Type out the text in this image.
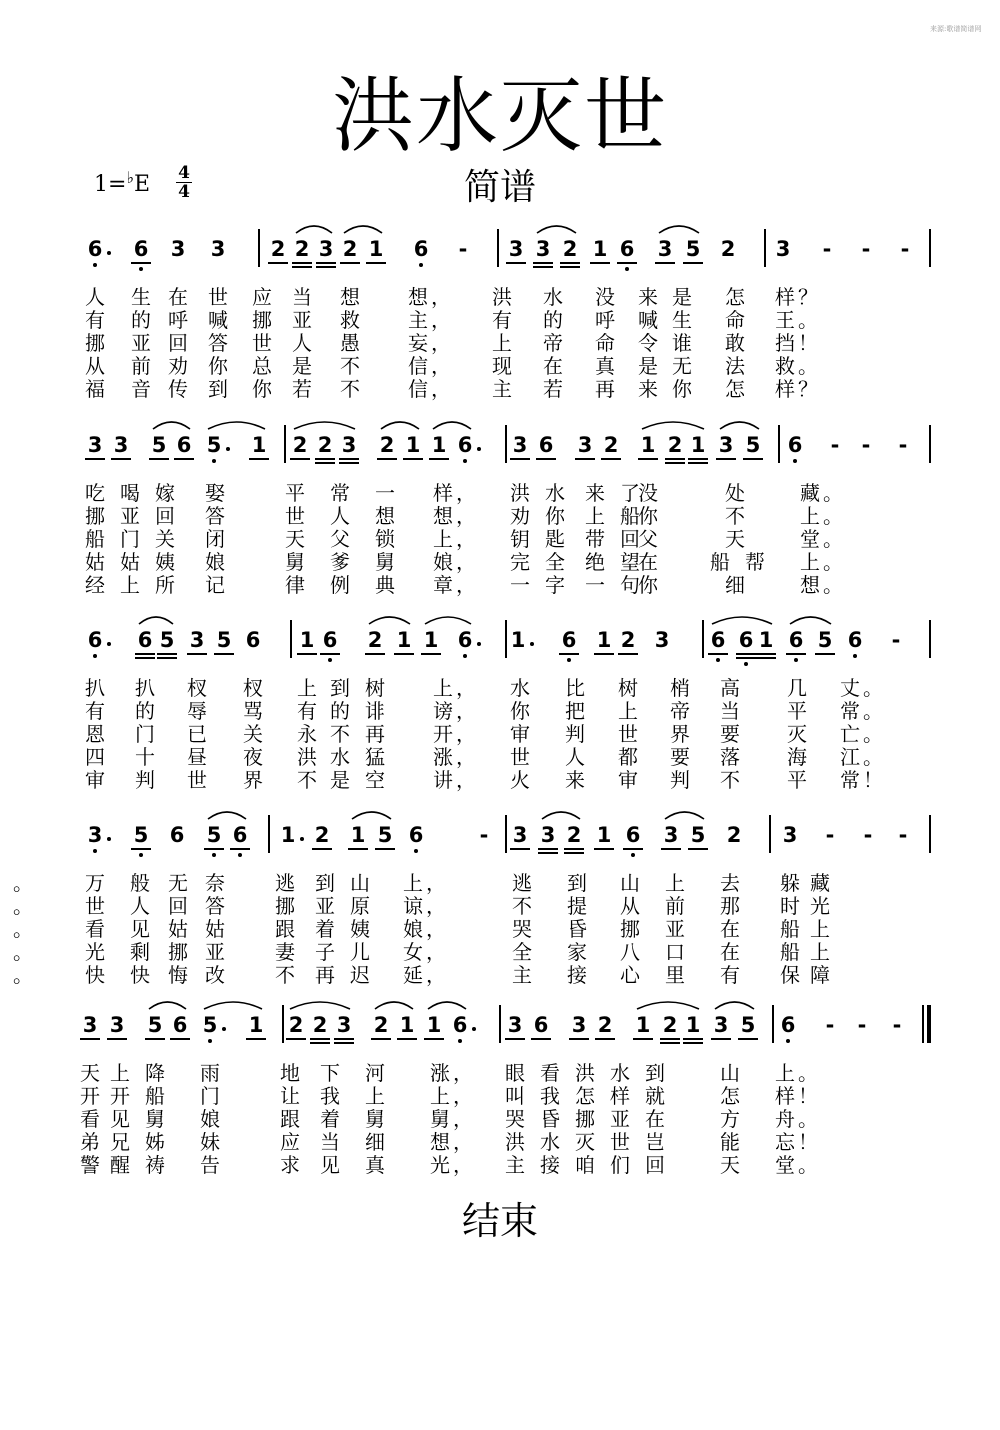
来源:歌谱简谱网
洪水灭世
简谱
1=♭E 4
4
6 6 3 3 2 2 3 2 1 6	-	3 3 2 1 6 3 5 2 3	-	-	-
人 生 在 世 应 当 想 想 ， 洪 水 没 来 是 怎 样 ？
有 的 呼 喊 挪 亚 救 主 ， 有 的 呼 喊 生 命 王 。
挪 亚 回 答 世 人 愚 妄 ， 上 帝 命 令 谁 敢 挡 ！
从 前 劝 你 总 是 不 信 ， 现 在 真 是 无 法 救 。
福 音 传 到 你 若 不 信 ， 主 若 再 来 你 怎 样 ？
3 3 5 6 5 1 2 2 3 2 1 1 6 3 6 3 2 1 2 1 3 5 6	-	-	-
吃 喝 嫁 娶	平 常 一 样 ， 洪 水 来 了
没	处	藏 。
挪 亚 回 答	世 人 想 想 ， 劝 你 上 船
你	不	上 。
船 门 关 闭	天 父 锁 上 ， 钥 匙 带 回
父	天	堂 。
姑 姑 姨 娘	舅 爹 舅 娘 ， 完 全 绝 望
在	船 帮 上 。
经 上 所 记	律 例 典 章 ， 一 字 一 句
你	细	想 。
6 6 5 3 5 6 1 6 2 1 1 6 1 6 1 2 3 6 6 1 6 5 6	-
扒 扒 杈 杈 上 到 树 上 ， 水 比 树 梢 高 几 丈 。
有 的 辱 骂 有 的 诽 谤 ， 你 把 上 帝 当 平 常 。
恩 门 已 关 永 不 再 开 ， 审 判 世 界 要 灭 亡 。
四 十 昼 夜 洪 水 猛 涨 ， 世 人 都 要 落 海 江 。
审 判 世 界 不 是 空 讲 ， 火 来 审 判 不 平 常 ！
3 5 6 5 6 1 2 1 5 6	-	3 3 2 1 6 3 5 2 3	-	-	-
万 般 无 奈	逃 到 山 上 ，	逃 到 山 上 去 躲 藏
。
世 人 回 答	挪 亚 原 谅 ，	不 提 从 前 那 时 光
。
看 见 姑 姑	跟 着 姨 娘 ，	哭 昏 挪 亚 在 船 上
。
光 剩 挪 亚	妻 子 儿 女 ，	全 家 八 口 在 船 上
。
快 快 悔 改	不 再 迟 延 ，	主 接 心 里 有 保 障
。
3 3 5 6 5 1 2 2 3 2 1 1 6 3 6 3 2 1 2 1 3 5 6	-	-	-
天 上 降 雨	地 下 河 涨 ， 眼 看 洪 水 到	山 上 。
开 开 船 门	让 我 上 上 ， 叫 我 怎 样 就	怎 样 ！
看 见 舅 娘	跟 着 舅 舅 ， 哭 昏 挪 亚 在	方 舟 。
弟 兄 姊 妹	应 当 细 想 ， 洪 水 灭 世 岂	能 忘 ！
警 醒 祷 告	求 见 真 光 ， 主 接 咱 们 回	天 堂 。
结束
